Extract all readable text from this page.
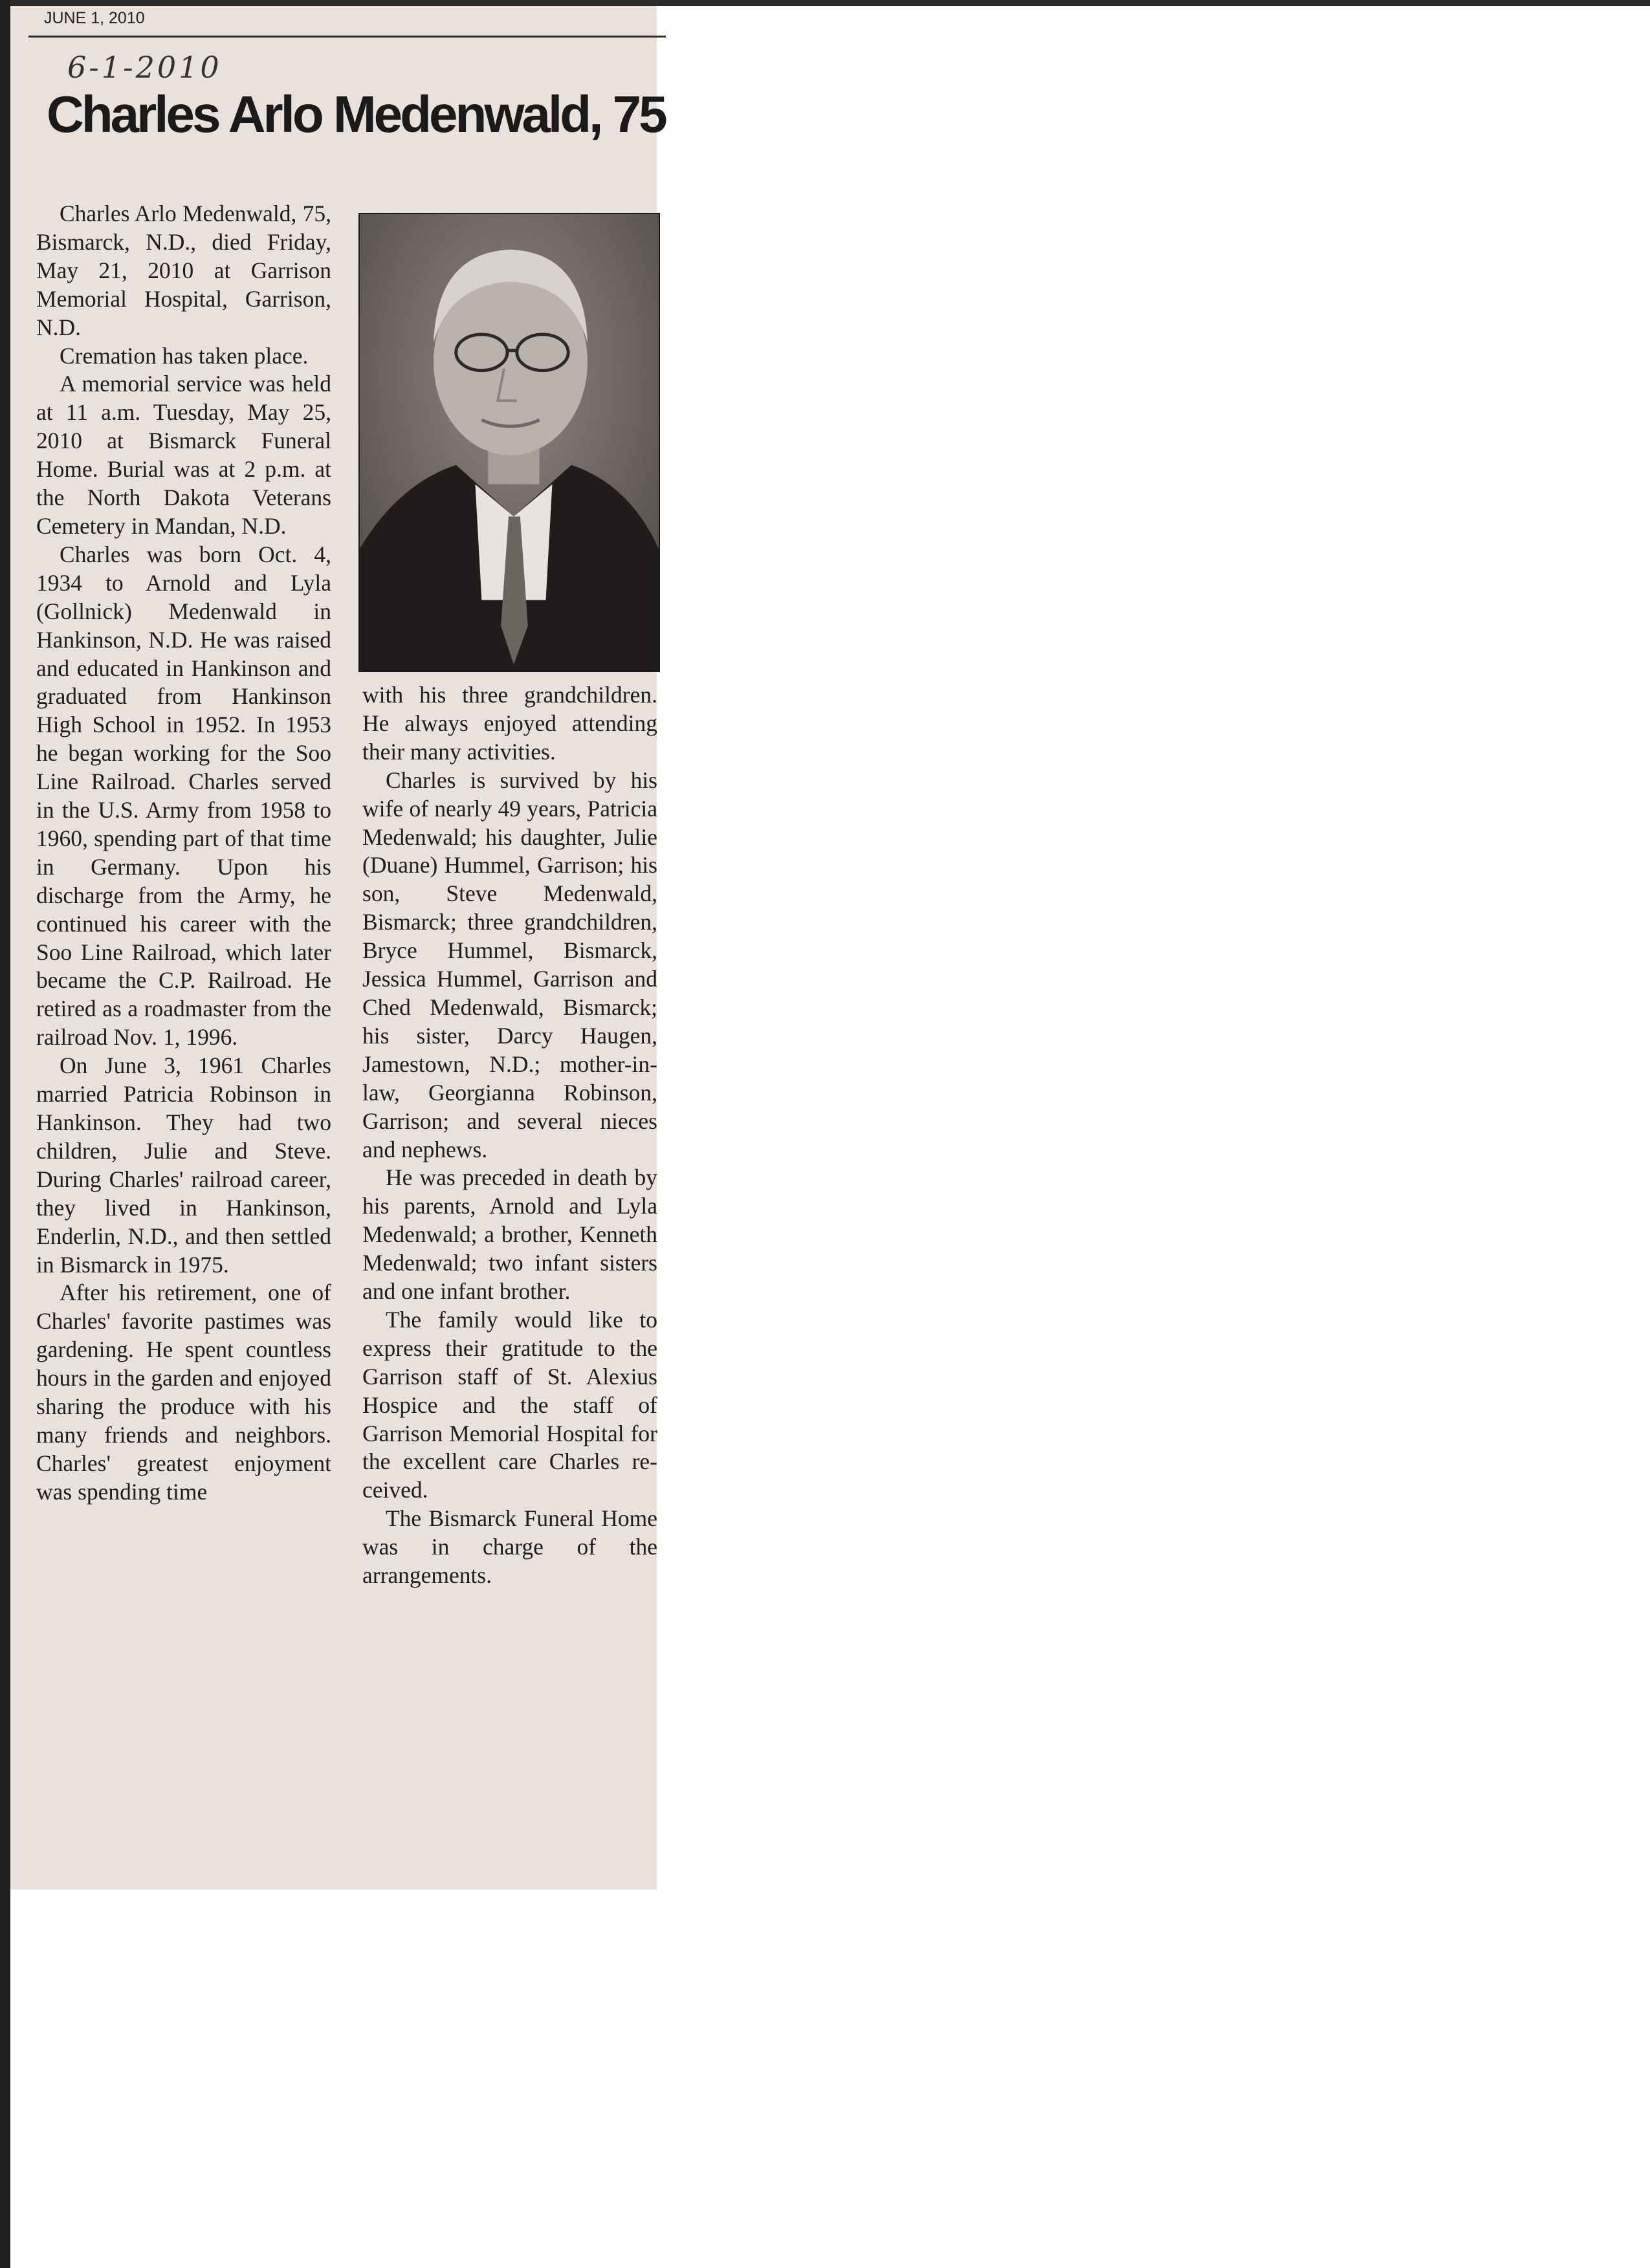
JUNE 1, 2010
6-1-2010
Charles Arlo Medenwald, 75

Charles Arlo Medenwald, 75, Bismarck, N.D., died Friday, May 21, 2010 at Garrison Memorial Hospital, Garrison, N.D.

Cremation has taken place.

A memorial service was held at 11 a.m. Tuesday, May 25, 2010 at Bismarck Funeral Home. Burial was at 2 p.m. at the North Dakota Veterans Cemetery in Mandan, N.D.

Charles was born Oct. 4, 1934 to Arnold and Lyla (Gollnick) Medenwald in Hankinson, N.D. He was raised and educated in Hankinson and graduated from Hankinson High School in 1952. In 1953 he began working for the Soo Line Railroad. Charles served in the U.S. Army from 1958 to 1960, spending part of that time in Germany. Upon his discharge from the Army, he continued his career with the Soo Line Railroad, which later became the C.P. Railroad. He retired as a roadmaster from the railroad Nov. 1, 1996.

On June 3, 1961 Charles married Patricia Robinson in Hankinson. They had two children, Julie and Steve. During Charles' railroad career, they lived in Hankinson, Enderlin, N.D., and then settled in Bismarck in 1975.

After his retirement, one of Charles' favorite pastimes was gardening. He spent countless hours in the garden and enjoyed sharing the produce with his many friends and neighbors. Charles' greatest enjoyment was spending time

with his three grandchildren. He always enjoyed attending their many activities.

Charles is survived by his wife of nearly 49 years, Patricia Medenwald; his daughter, Julie (Duane) Hummel, Garrison; his son, Steve Medenwald, Bismarck; three grandchildren, Bryce Hummel, Bismarck, Jessica Hummel, Garrison and Ched Medenwald, Bismarck; his sister, Darcy Haugen, Jamestown, N.D.; mother-in-law, Georgianna Robinson, Garrison; and several nieces and nephews.

He was preceded in death by his parents, Arnold and Lyla Medenwald; a brother, Kenneth Medenwald; two infant sisters and one infant brother.

The family would like to express their gratitude to the Garrison staff of St. Alexius Hospice and the staff of Garrison Memorial Hospital for the excellent care Charles received.

The Bismarck Funeral Home was in charge of the arrangements.
